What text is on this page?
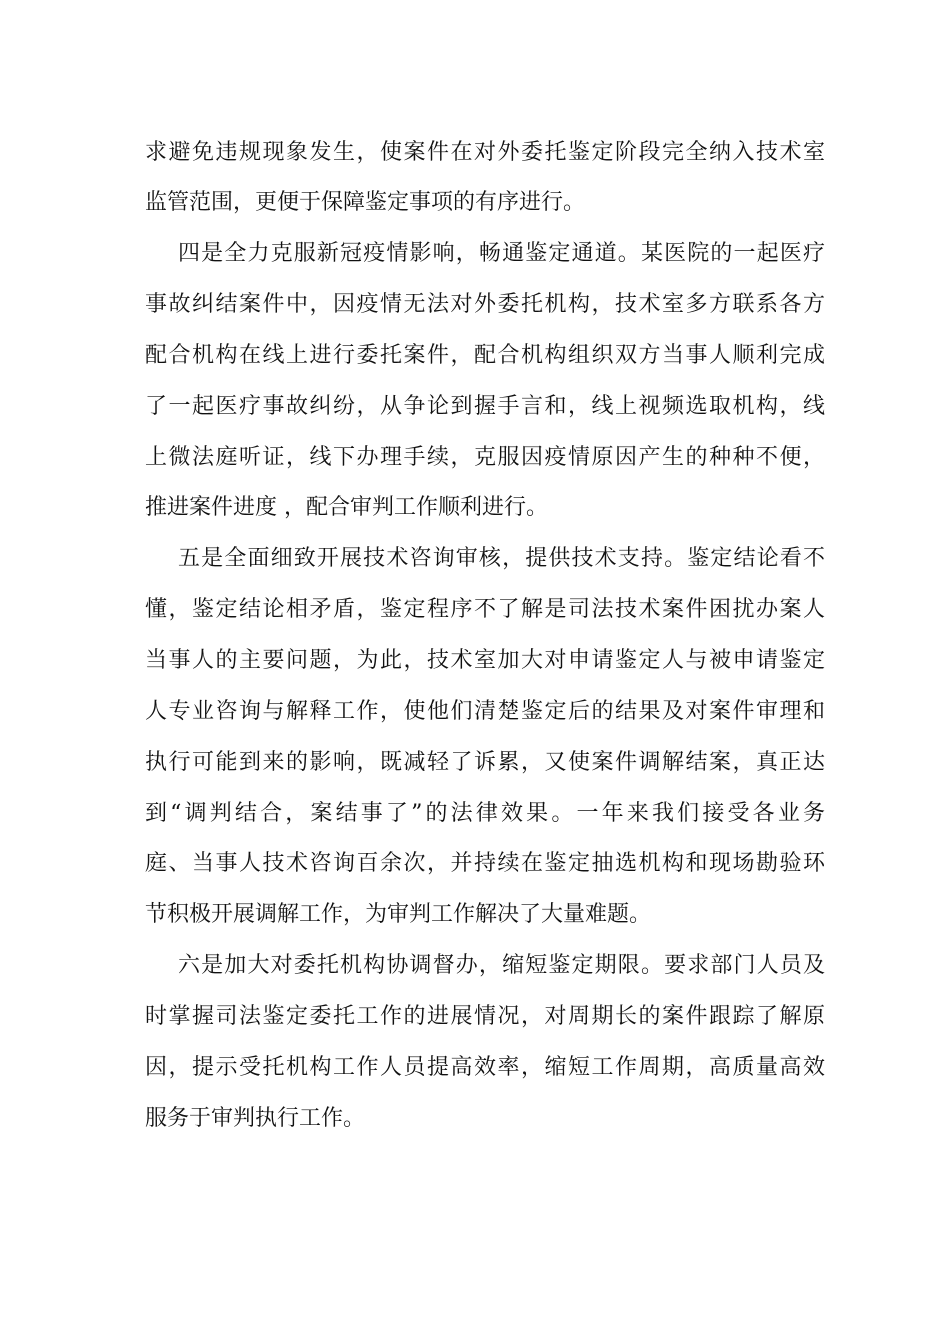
求避免违规现象发生，使案件在对外委托鉴定阶段完全纳入技术室
监管范围，更便于保障鉴定事项的有序进行。
四是全力克服新冠疫情影响，畅通鉴定通道。某医院的一起医疗
事故纠结案件中，因疫情无法对外委托机构，技术室多方联系各方
配合机构在线上进行委托案件，配合机构组织双方当事人顺利完成
了一起医疗事故纠纷，从争论到握手言和，线上视频选取机构，线
上微法庭听证，线下办理手续，克服因疫情原因产生的种种不便，
推进案件进度 ，配合审判工作顺利进行。
五是全面细致开展技术咨询审核，提供技术支持。鉴定结论看不
懂，鉴定结论相矛盾，鉴定程序不了解是司法技术案件困扰办案人
当事人的主要问题，为此，技术室加大对申请鉴定人与被申请鉴定
人专业咨询与解释工作，使他们清楚鉴定后的结果及对案件审理和
执行可能到来的影响，既减轻了诉累，又使案件调解结案，真正达
到“调判结合，案结事了”的法律效果。一年来我们接受各业务
庭、当事人技术咨询百余次，并持续在鉴定抽选机构和现场勘验环
节积极开展调解工作，为审判工作解决了大量难题。
六是加大对委托机构协调督办，缩短鉴定期限。要求部门人员及
时掌握司法鉴定委托工作的进展情况，对周期长的案件跟踪了解原
因，提示受托机构工作人员提高效率，缩短工作周期，高质量高效
服务于审判执行工作。
